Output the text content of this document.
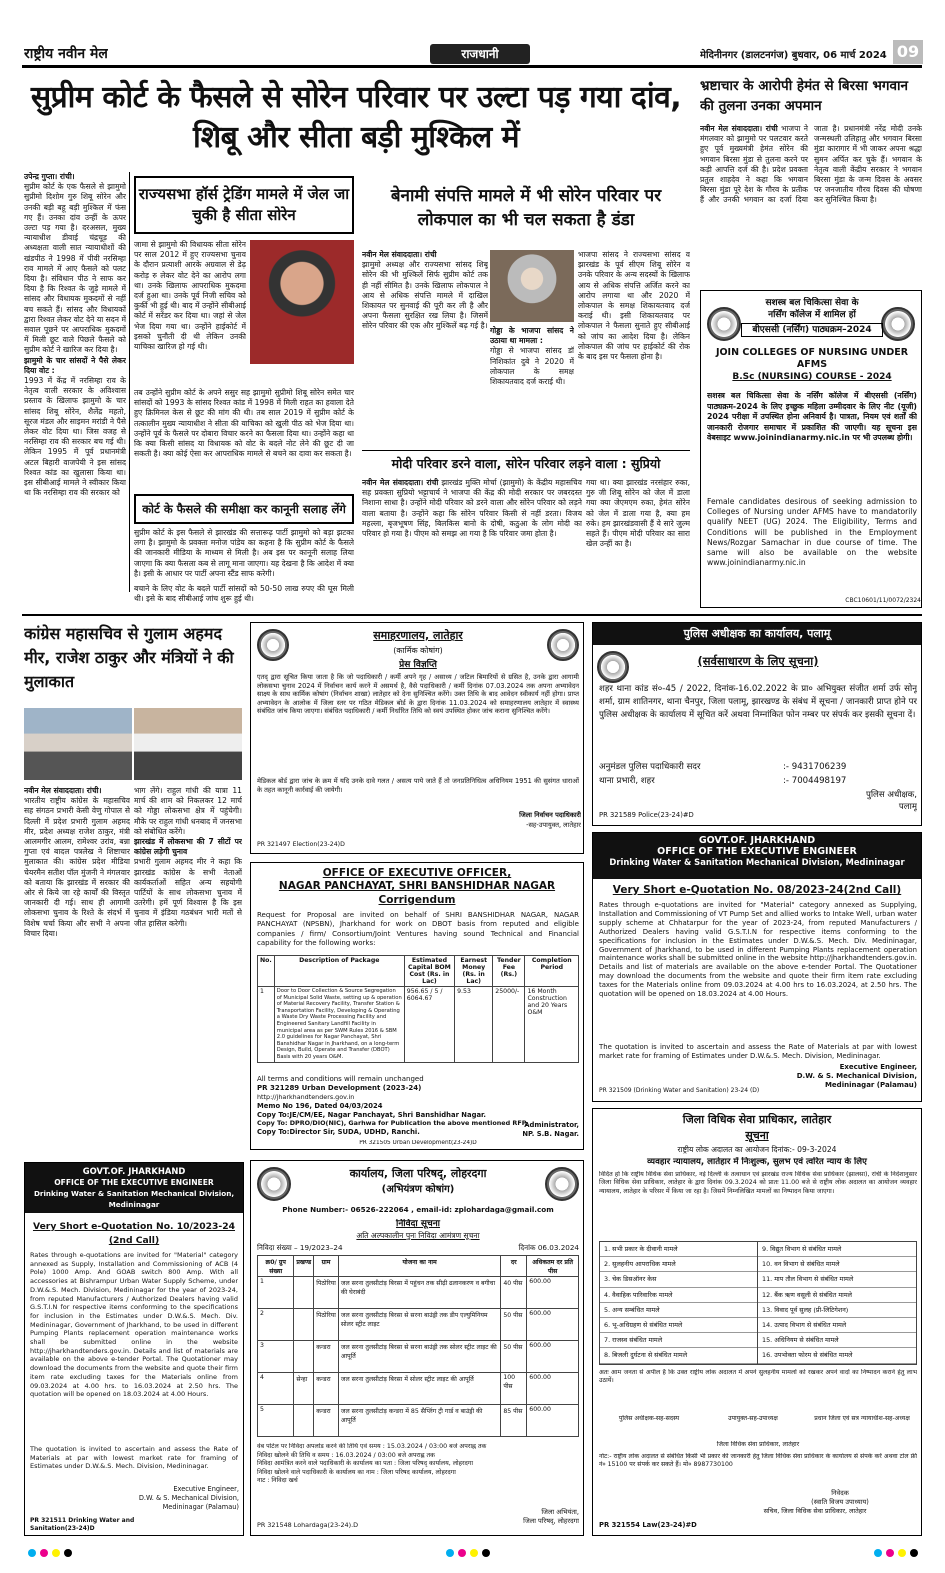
राष्ट्रीय नवीन मेल	राजधानी	मेदिनीनगर (डालटनगंज) बुधवार, 06 मार्च 2024 09
सुप्रीम कोर्ट के फैसले से सोरेन परिवार पर उल्टा पड़ गया दांव, शिबू और सीता बड़ी मुश्किल में
उपेन्द्र गुप्ता। रांची।
सुप्रीम कोर्ट के एक फैसले से झामुमो सुप्रीमो दिशोम गुरु शिबू सोरेन और उनकी बड़ी बहू बड़ी मुश्किल में फंस गए हैं। उनका दांव उन्हीं के ऊपर उल्टा पड़ गया है। दरअसल, मुख्य न्यायाधीश डीवाई चंद्रचूड़ की अध्यक्षता वाली सात न्यायाधीशों की खंडपीठ ने 1998 में पीवी नरसिम्हा राव मामले में आए फैसले को पलट दिया है। संविधान पीठ ने साफ कर दिया है कि रिश्वत के जुड़े मामले में सांसद और विधायक मुकदमों से नहीं बच सकते हैं। सांसद और विधायकों द्वारा रिश्वत लेकर वोट देने या सदन में सवाल पूछने पर आपराधिक मुकदमों में मिली छूट वाले पिछले फैसले को सुप्रीम कोर्ट ने खारिज कर दिया है।
झामुमो के चार सांसदों ने पैसे लेकर दिया वोट :
1993 में केंद्र में नरसिम्हा राव के नेतृत्व वाली सरकार के अविश्वास प्रस्ताव के खिलाफ झामुमो के चार सांसद शिबू सोरेन, शैलेंद्र महतो, सूरज मंडल और साइमन मरांडी ने पैसे लेकर वोट दिया था। जिस वजह से नरसिम्हा राव की सरकार बच गई थी। लेकिन 1995 में पूर्व प्रधानमंत्री अटल बिहारी वाजपेयी ने इस सांसद रिश्वत कांड का खुलासा किया था। इस सीबीआई मामले ने स्वीकार किया था कि नरसिम्हा राव की सरकार को
राज्यसभा हॉर्स ट्रेडिंग मामले में जेल जा चुकी है सीता सोरेन
जामा से झामुमो की विधायक सीता सोरेन पर साल 2012 में हुए राज्यसभा चुनाव के दौरान प्रत्याशी आरके अग्रवाल से डेढ़ करोड़ रु लेकर वोट देने का आरोप लगा था। उनके खिलाफ आपराधिक मुकदमा दर्ज हुआ था। उनके पूर्व निजी सचिव को कुर्की भी हुई थी। बाद में उन्होंने सीबीआई कोर्ट में सरेंडर कर दिया था। जहां से जेल भेज दिया गया था। उन्होंने हाईकोर्ट में इसको चुनौती दी थी लेकिन उनकी याचिका खारिज हो गई थी।
तब उन्होंने सुप्रीम कोर्ट के अपने ससुर सह झामुमो सुप्रीमो शिबू सोरेन समेत चार सांसदों को 1993 के सांसद रिश्वत कांड में 1998 में मिली राहत का हवाला देते हुए क्रिमिनल केस से छूट की मांग की थी। तब साल 2019 में सुप्रीम कोर्ट के तत्कालीन मुख्य न्यायाधीश ने सीता की याचिका को खुली पीठ को भेज दिया था। उन्होंने पूर्व के फैसले पर दोबारा विचार करने का फैसला दिया था। उन्होंने कहा था कि क्या किसी सांसद या विधायक को वोट के बदले नोट लेने की छूट दी जा सकती है। क्या कोई ऐसा कर आपराधिक मामले से बचने का दावा कर सकता है।
कोर्ट के फैसले की समीक्षा कर कानूनी सलाह लेंगे
सुप्रीम कोर्ट के इस फैसले से झारखंड की सत्तारूढ़ पार्टी झामुमो को बड़ा झटका लगा है। झामुमो के प्रवक्ता मनोज पांडेय का कहना है कि सुप्रीम कोर्ट के फैसले की जानकारी मीडिया के माध्यम से मिली है। अब इस पर कानूनी सलाह लिया जाएगा कि क्या फैसला कब से लागू माना जाएगा। यह देखना है कि आदेश में क्या है। इसी के आधार पर पार्टी अपना स्टैंड साफ करेगी।
बचाने के लिए वोट के बदले पार्टी सांसदों को 50-50 लाख रुपए की घूस मिली थी। इसे के बाद सीबीआई जांच शुरू हुई थी।
बेनामी संपत्ति मामले में भी सोरेन परिवार पर लोकपाल का भी चल सकता है डंडा
नवीन मेल संवाददाता। रांची
झामुमो अध्यक्ष और राज्यसभा सांसद शिबू सोरेन की भी मुश्किलें सिर्फ सुप्रीम कोर्ट तक ही नहीं सीमित है। उनके खिलाफ लोकपाल ने आय से अधिक संपत्ति मामले में दाखिल शिकायत पर सुनवाई की पूरी कर ली है और अपना फैसला सुरक्षित रख लिया है। जिसमें सोरेन परिवार की एक और मुश्किलें बढ़ गई है।
गोड्डा के भाजपा सांसद ने उठाया था मामला :
गोड्डा से भाजपा सांसद डॉ निशिकांत दुबे ने 2020 में लोकपाल के समक्ष शिकायतवाद दर्ज कराई थी।
भाजपा सांसद ने राज्यसभा सांसद व झारखंड के पूर्व सीएम शिबू सोरेन व उनके परिवार के अन्य सदस्यों के खिलाफ आय से अधिक संपत्ति अर्जित करने का आरोप लगाया था और 2020 में लोकपाल के समक्ष शिकायतवाद दर्ज कराई थी। इसी शिकायतवाद पर लोकपाल ने फैसला सुनाते हुए सीबीआई को जांच का आदेश दिया है। लेकिन लोकपाल की जांच पर हाईकोर्ट की रोक के बाद इस पर फैसला होना है।
मोदी परिवार डरने वाला, सोरेन परिवार लड़ने वाला : सुप्रियो
नवीन मेल संवाददाता। रांची झारखंड मुक्ति मोर्चा (झामुमो) के केंद्रीय महासचिव सह प्रवक्ता सुप्रियो भट्टाचार्य ने भाजपा की केंद्र की मोदी सरकार पर जबरदस्त निशाना साधा है। उन्होंने मोदी परिवार को डरने वाला और सोरेन परिवार को लड़ने वाला बताया है। उन्होंने कहा कि सोरेन परिवार किसी से नहीं डरता। विजय महल्ला, बृजभूषण सिंह, बिलकिस बानो के दोषी, कठुआ के लोग मोदी का परिवार हो गया है। पीएम को समझ आ गया है कि परिवार जमा होता है।
गया था। क्या झारखंड नरसंहार रुका, गुरु जी शिबू सोरेन को जेल में डाला गया क्या जेएमएम रुका, हेमंत सोरेन को जेल में डाला गया है, क्या हम रुके। हम झारखंडवासी हैं ये सारे जुल्म सहते हैं। पीएम मोदी परिवार का सारा खेल उन्हीं का है।
भ्रष्टाचार के आरोपी हेमंत से बिरसा भगवान की तुलना उनका अपमान
नवीन मेल संवाददाता। रांची भाजपा ने मंगलवार को झामुमो पर पलटवार करते हुए पूर्व मुख्यमंत्री हेमंत सोरेन की भगवान बिरसा मुंडा से तुलना करने पर कड़ी आपत्ति दर्ज की है। प्रदेश प्रवक्ता प्रतुल शाहदेव ने कहा कि भगवान बिरसा मुंडा पूरे देश के गौरव के प्रतीक हैं और उनकी भगवान का दर्जा दिया जाता है। प्रधानमंत्री नरेंद्र मोदी उनके जन्मस्थली उलिहातु और भगवान बिरसा मुंडा कारागार में भी जाकर अपना श्रद्धा सुमन अर्पित कर चुके हैं। भगवान के नेतृत्व वाली केंद्रीय सरकार ने भगवान बिरसा मुंडा के जन्म दिवस के अवसर पर जनजातीय गौरव दिवस की घोषणा कर सुनिश्चित किया है।
सशस्त्र बल चिकित्सा सेवा के
नर्सिंग कॉलेज में शामिल हों
बीएससी (नर्सिंग) पाठ्यक्रम–2024
JOIN COLLEGES OF NURSING UNDER AFMS
B.Sc (NURSING) COURSE - 2024
सशस्त्र बल चिकित्सा सेवा के नर्सिंग कॉलेज में बीएससी (नर्सिंग) पाठ्यक्रम-2024 के लिए इच्छुक महिला उम्मीदवार के लिए नीट (यूजी) 2024 परीक्षा में उपस्थित होना अनिवार्य है। पात्रता, नियम एवं शर्तों की जानकारी रोजगार समाचार में प्रकाशित की जाएगी। यह सूचना इस वेबसाइट www.joinindianarmy.nic.in पर भी उपलब्ध होगी।
Female candidates desirous of seeking admission to Colleges of Nursing under AFMS have to mandatorily qualify NEET (UG) 2024. The Eligibility, Terms and Conditions will be published in the Employment News/Rozgar Samachar in due course of time. The same will also be available on the website www.joinindianarmy.nic.in
CBC10601/11/0072/2324
कांग्रेस महासचिव से गुलाम अहमद मीर, राजेश ठाकुर और मंत्रियों ने की मुलाकात
नवीन मेल संवाददाता। रांची।
भारतीय राष्ट्रीय कांग्रेस के महासचिव सह संगठन प्रभारी केसी वेणु गोपाल से दिल्ली में प्रदेश प्रभारी गुलाम अहमद मीर, प्रदेश अध्यक्ष राजेश ठाकुर, मंत्री आलमगीर आलम, रामेश्वर उरांव, बन्ना गुप्ता एवं बादल पत्रलेख ने शिष्टाचार मुलाकात की। कांग्रेस प्रदेश मीडिया चेयरमैन सतीश पॉल मुंजनी ने मंगलवार को बताया कि झारखंड में सरकार की ओर से किये जा रहे कार्यों की विस्तृत जानकारी दी गई। साथ ही आगामी लोकसभा चुनाव के रिश्ते के संदर्भ में विशेष चर्चा किया और सभी ने अपना विचार दिया।
भाग लेंगे। राहुल गांधी की यात्रा 11 मार्च की शाम को निकलकर 12 मार्च को गोड्डा लोकसभा क्षेत्र में पहुंचेगी। मौके पर राहुल गांधी धनबाद में जनसभा को संबोधित करेंगे।
झारखंड में लोकसभा की 7 सीटों पर कांग्रेस लड़ेगी चुनाव
प्रभारी गुलाम अहमद मीर ने कहा कि झारखंड कांग्रेस के सभी नेताओं कार्यकर्ताओं सहित अन्य सहयोगी पार्टियों के साथ लोकसभा चुनाव में उतरेगी। हमें पूर्ण विश्वास है कि इस चुनाव में इंडिया गठबंधन भारी मतों से जीत हासिल करेगी।
समाहरणालय, लातेहार
(कार्मिक कोषांग)
प्रेस विज्ञप्ति
एतद् द्वारा सूचित किया जाता है कि जो पदाधिकारी / कर्मी अपने गृह / असाध्य / जटिल बिमारियों से ग्रसित है, उनके द्वारा आगामी लोकसभा चुनाव 2024 में निर्वाचन कार्य करने में असमर्थ है, वैसे पदाधिकारी / कर्मी दिनांक 07.03.2024 तक अपना अभ्यावेदन साक्ष्य के साथ कार्मिक कोषांग (निर्वाचन शाखा) लातेहार को देना सुनिश्चित करेंगे। उक्त तिथि के बाद आवेदन स्वीकार्य नहीं होगा। प्राप्त अभ्यावेदन के आलोक में जिला स्तर पर गठित मेडिकल बोर्ड के द्वारा दिनांक 11.03.2024 को समाहरणालय लातेहार में स्वास्थ्य संबंधित जांच किया जाएगा। संबंधित पदाधिकारी / कर्मी निर्धारित तिथि को स्वयं उपस्थित होकर जांच कराना सुनिश्चित करेंगे।
मेडिकल बोर्ड द्वारा जांच के क्रम में यदि उनके दावे गलत / असत्य पाये जाते हैं तो जनप्रतिनिधित्व अधिनियम 1951 की सुसंगत धाराओं के तहत कानूनी कार्रवाई की जायेगी।
जिला निर्वाचन पदाधिकारी
-सह-उपायुक्त, लातेहार
PR 321497 Election(23-24)D
पुलिस अधीक्षक का कार्यालय, पलामू
(सर्वसाधारण के लिए सूचना)
शहर थाना कांड सं०-45 / 2022, दिनांक-16.02.2022 के प्रा० अभियुक्त संजीत शर्मा उर्फ सोनू शर्मा, ग्राम शातिनगर, थाना चैनपुर, जिला पलामू, झारखण्ड के संबंध में सूचना / जानकारी प्राप्त होने पर पुलिस अधीक्षक के कार्यालय में सूचित करें अथवा निम्नांकित फोन नम्बर पर संपर्क कर इसकी सूचना दें।
अनुमंडल पुलिस पदाधिकारी सदर	:- 9431706239
थाना प्रभारी, शहर	:- 7004498197
पुलिस अधीक्षक,
पलामू
PR 321589 Police(23-24)#D
GOVT.OF. JHARKHAND
OFFICE OF THE EXECUTIVE ENGINEER
Drinking Water & Sanitation Mechanical Division, Medininagar
Very Short e-Quotation No. 08/2023-24(2nd Call)
Rates through e-quotations are invited for "Material" category annexed as Supplying, Installation and Commissioning of VT Pump Set and allied works to Intake Well, urban water supply scheme at Chhatarpur for the year of 2023-24, from reputed Manufacturers / Authorized Dealers having valid G.S.T.I.N for respective items conforming to the specifications for inclusion in the Estimates under D.W.&.S. Mech. Div. Medininagar, Government of Jharkhand, to be used in different Pumping Plants replacement operation maintenance works shall be submitted online in the website http://jharkhandtenders.gov.in. Details and list of materials are available on the above e-tender Portal. The Quotationer may download the documents from the website and quote their firm item rate excluding taxes for the Materials online from 09.03.2024 at 4.00 hrs to 16.03.2024, at 2.50 hrs. The quotation will be opened on 18.03.2024 at 4.00 Hours.
The quotation is invited to ascertain and assess the Rate of Materials at par with lowest market rate for framing of Estimates under D.W.&.S. Mech. Division, Medininagar.
Executive Engineer,
D.W. & S. Mechanical Division,
Medininagar (Palamau)
PR 321509 (Drinking Water and Sanitation) 23-24 (D)
OFFICE OF EXECUTIVE OFFICER,
NAGAR PANCHAYAT, SHRI BANSHIDHAR NAGAR
Corrigendum
Request for Proposal are invited on behalf of SHRI BANSHIDHAR NAGAR, NAGAR PANCHAYAT (NPSBN), Jharkhand for work on DBOT basis from reputed and eligible companies / firm/ Consortium/Joint Ventures having sound Technical and Financial capability for the following works:
No.	Description of Package	Estimated Capital BOM Cost (Rs. in Lac)	Earnest Money (Rs. in Lac)	Tender Fee (Rs.)	Completion Period
1	Door to Door Collection & Source Segregation of Municipal Solid Waste, setting up & operation of Material Recovery Facility, Transfer Station & Transportation Facility, Developing & Operating a Waste Dry Waste Processing Facility and Engineered Sanitary Landfill Facility in municipal area as per SWM Rules 2016 & SBM 2.0 guidelines for Nagar Panchayat, Shri Banshidhar Nagar in Jharkhand, on a long-term Design, Build, Operate and Transfer (DBOT) Basis with 20 years O&M.	956.65 / 5 / 6064.67	9.53	25000/-	16 Month Construction and 20 Years O&M
All terms and conditions will remain unchanged
PR 321289 Urban Development (2023-24)
http://jharkhandtenders.gov.in
Memo No 196, Dated 04/03/2024
Copy To:JE/CM/EE, Nagar Panchayat, Shri Banshidhar Nagar.
Copy To: DPRO/DIO(NIC), Garhwa for Publication the above mentioned RFP,
Copy To:Director Sir, SUDA, UDHD, Ranchi.
Administrator,
NP. S.B. Nagar.
PR 321505 Urban Development(23-24)D
GOVT.OF. JHARKHAND
OFFICE OF THE EXECUTIVE ENGINEER
Drinking Water & Sanitation Mechanical Division,
Medininagar
Very Short e-Quotation No. 10/2023-24
(2nd Call)
Rates through e-quotations are invited for "Material" category annexed as Supply, Installation and Commissioning of ACB (4 Pole) 1000 Amp. And GOAB switch 800 Amp. With all accessories at Bishrampur Urban Water Supply Scheme, under D.W.&.S. Mech. Division, Medininagar for the year of 2023-24, from reputed Manufacturers / Authorized Dealers having valid G.S.T.I.N for respective items conforming to the specifications for inclusion in the Estimates under D.W.&.S. Mech. Div. Medininagar, Government of Jharkhand, to be used in different Pumping Plants replacement operation maintenance works shall be submitted online in the website http://jharkhandtenders.gov.in. Details and list of materials are available on the above e-tender Portal. The Quotationer may download the documents from the website and quote their firm item rate excluding taxes for the Materials online from 09.03.2024 at 4.00 hrs. to 16.03.2024 at 2.50 hrs. The quotation will be opened on 18.03.2024 at 4.00 Hours.
The quotation is invited to ascertain and assess the Rate of Materials at par with lowest market rate for framing of Estimates under D.W.&.S. Mech. Division, Medininagar.
Executive Engineer,
D.W. & S. Mechanical Division,
Medininagar (Palamau)
PR 321511 Drinking Water and Sanitation(23-24)D
कार्यालय, जिला परिषद्, लोहरदगा
(अभियंत्रण कोषांग)
Phone Number:- 06526-222064 , email-id: zplohardaga@gmail.com
निविदा सूचना
अति अल्पकालीन पुनः निविदा आमंत्रण सूचना
निविदा संख्या – 19/2023–24	दिनांक 06.03.2024
क्र0/ ग्रुप संख्या	प्रखण्ड	ग्राम	योजना का नाम	दर	अधिकतम दर प्रति पीस
1		पिठोरिया	जल सरना तुलसीटांड़ बिरसा में पहुंचन तक सीढ़ी ढलानकरण व बगीचा की घेराबंदी	40 पीस	600.00
2		पिठोरिया	जल सरना तुलसीटांड़ बिरसा से सरना बाउंड्री तक डीप एल्युमिनियम सोलर स्ट्रीट लाइट	50 पीस	600.00
3		कन्डरा	जल सरना तुलसीटांड़ बिरसा से सरना बाउंड्री तक सोलर स्ट्रीट लाइट की आपूर्ति	50 पीस	600.00
4	सेन्हा	कन्डरा	जल सरना तुलसीटांड़ बिरसा में सोलर स्ट्रीट लाइट की आपूर्ति	100 पीस	600.00
5		कन्डरा	जल सरना तुलसीटांड़ कन्डरा में 85 सैप्लिंग ट्री गार्ड व बाउंड्री की आपूर्ति	85 पीस	600.00
वेब पोर्टल पर निविदा अपलोड करने की तिथि एवं समय : 15.03.2024 / 03:00 बजे अपराह्न तक
निविदा खोलने की तिथि व समय : 16.03.2024 / 03:00 बजे अपराह्न तक
निविदा आमंत्रित करने वाले पदाधिकारी के कार्यालय का पता : जिला परिषद् कार्यालय, लोहरदगा
निविदा खोलने वाले पदाधिकारी के कार्यालय का नाम : जिला परिषद कार्यालय, लोहरदगा
नाट : निविदा खर्च
जिला अभियंता,
जिला परिषद्, लोहरदगा
PR 321548 Lohardaga(23-24).D
जिला विधिक सेवा प्राधिकार, लातेहार
सूचना
राष्ट्रीय लोक अदालत का आयोजन दिनांक:- 09-3-2024
व्यवहार न्यायालय, लातेहार में निःशुल्क, सुलभ एवं त्वरित न्याय के लिए
विदित हो कि राष्ट्रीय विधिक सेवा प्राधिकार, नई दिल्ली के तत्वाधान एवं झारखंड राज्य विधिक सेवा प्राधिकार (झालसा), रांची के निर्देशानुसार जिला विधिक सेवा प्राधिकार, लातेहार के द्वारा दिनांक 09.3.2024 को प्रातः 11.00 बजे से राष्ट्रीय लोक अदालत का आयोजन व्यवहार न्यायालय, लातेहार के परिसर में किया जा रहा है। जिसमें निम्नलिखित मामलों का निष्पादन किया जाएगा।
1. सभी प्रकार के दीवानी मामले
2. सुलहनीय आपराधिक मामले
3. चेक डिसऑनर केस
4. वैवाहिक पारिवारिक मामले
5. अन्य सम्बंधित मामले
6. भू-अधिग्रहण से संबंधित मामले
7. राजस्व संबंधित मामले
8. बिजली दुर्घटना से संबंधित मामले
9. विद्युत विभाग से संबंधित मामले
10. वन विभाग से संबंधित मामले
11. माप तौल विभाग से संबंधित मामले
12. बैंक ऋण वसूली से संबंधित मामले
13. विवाद पूर्व सुलह (प्री-लिटिगेशन)
14. उत्पाद विभाग से संबंधित मामले
15. अधिनियम से संबंधित मामले
16. उपभोक्ता फोरम से संबंधित मामले
अतः आम जनता से अपील है कि उक्त राष्ट्रीय लोक अदालत में अपने सुलहनीय मामलों को रखकर अपने वादों का निष्पादन कराने हेतु लाभ उठायें।
पुलिस अधीक्षक-सह-सदस्य	उपायुक्त-सह-उपाध्यक्ष	प्रधान जिला एवं सत्र न्यायाधीश-सह-अध्यक्ष
जिला विधिक सेवा प्राधिकार, लातेहार
नोट:- राष्ट्रीय लोक अदालत से संबंधित किसी भी प्रकार की जानकारी हेतु जिला विधिक सेवा प्राधिकार के कार्यालय से संपर्क करें अथवा टोल फ्री नं० 15100 पर संपर्क कर सकते हैं। मो० 8987730100
निवेदक
(स्वाति विजय उपाध्याय)
सचिव, जिला विधिक सेवा प्राधिकार, लातेहार
PR 321554 Law(23-24)#D
